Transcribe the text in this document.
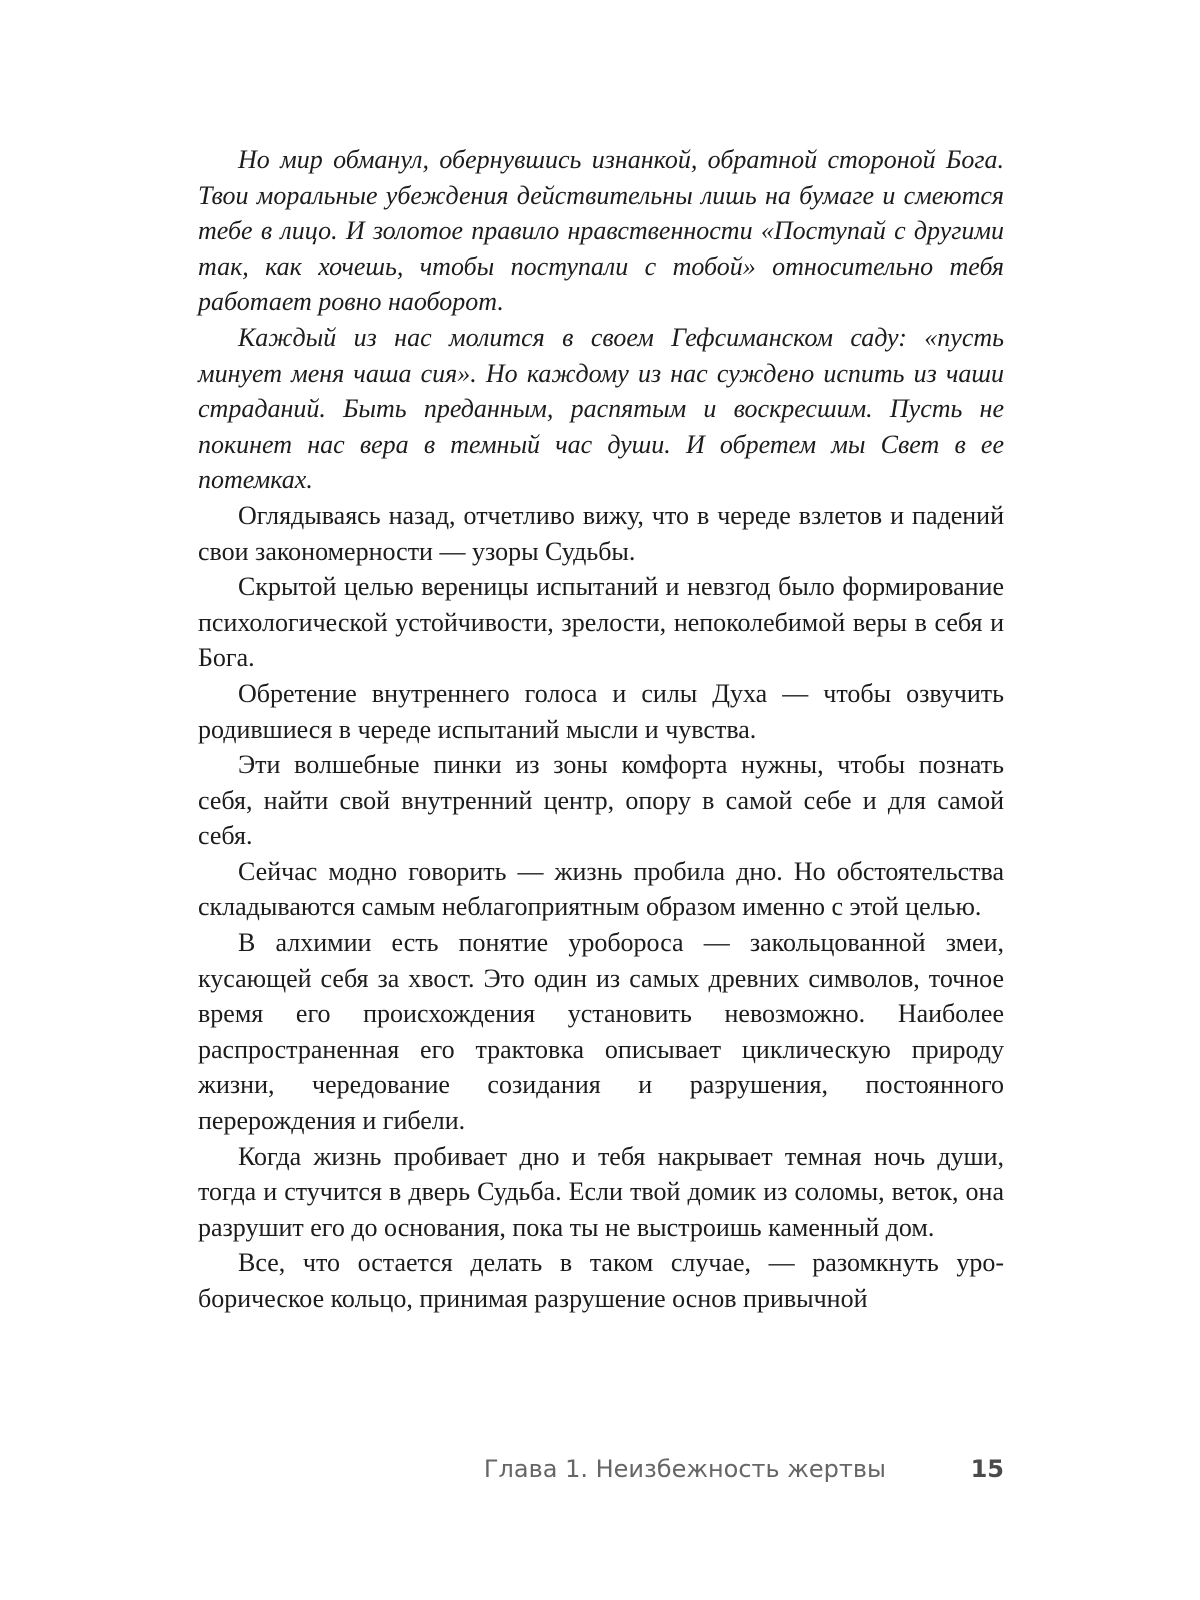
Но мир обманул, обернувшись изнанкой, обратной стороной Бога. Твои моральные убеждения действительны лишь на бумаге и смеются тебе в лицо. И золотое правило нравственности «Поступай с другими так, как хочешь, чтобы поступали с тобой» относительно тебя работает ровно наоборот.

Каждый из нас молится в своем Гефсиманском саду: «пусть минует меня чаша сия». Но каждому из нас суждено испить из чаши страданий. Быть преданным, распятым и воскресшим. Пусть не покинет нас вера в темный час души. И обретем мы Свет в ее потемках.

Оглядываясь назад, отчетливо вижу, что в череде взлетов и падений свои закономерности — узоры Судьбы.

Скрытой целью вереницы испытаний и невзгод было формирование психологической устойчивости, зрелости, непоколебимой веры в себя и Бога.

Обретение внутреннего голоса и силы Духа — чтобы озвучить родившиеся в череде испытаний мысли и чувства.

Эти волшебные пинки из зоны комфорта нужны, чтобы познать себя, найти свой внутренний центр, опору в самой себе и для самой себя.

Сейчас модно говорить — жизнь пробила дно. Но обстоятельства складываются самым неблагоприятным образом именно с этой целью.

В алхимии есть понятие уробороса — закольцованной змеи, кусающей себя за хвост. Это один из самых древних символов, точное время его происхождения установить невозможно. Наиболее распространенная его трактовка описывает циклическую природу жизни, чередование созидания и разрушения, постоянного перерождения и гибели.

Когда жизнь пробивает дно и тебя накрывает темная ночь души, тогда и стучится в дверь Судьба. Если твой домик из соломы, веток, она разрушит его до основания, пока ты не выстроишь каменный дом.

Все, что остается делать в таком случае, — разомкнуть уроборическое кольцо, принимая разрушение основ привычной

Глава 1. Неизбежность жертвы	15
